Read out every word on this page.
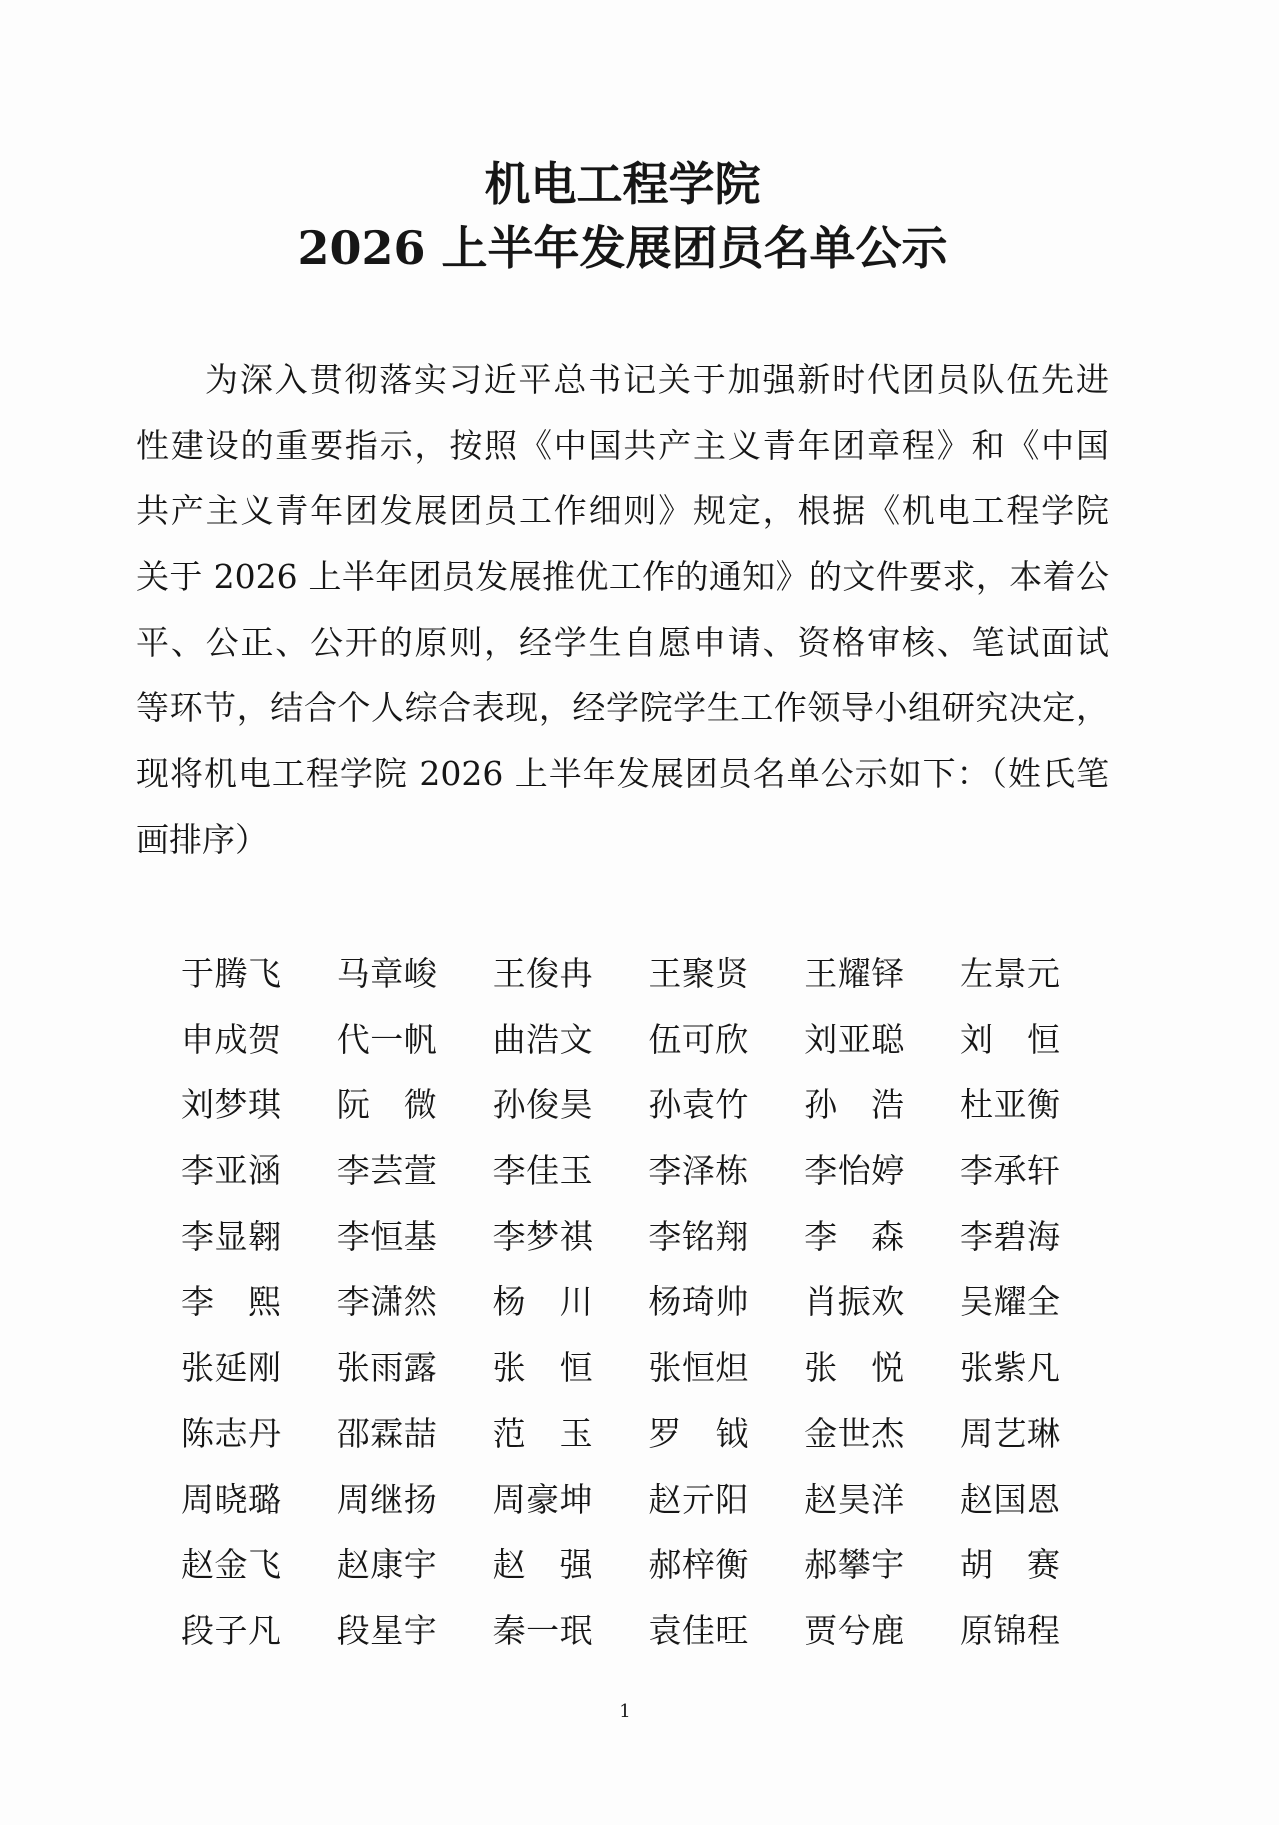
机电工程学院
2026 上半年发展团员名单公示
为深入贯彻落实习近平总书记关于加强新时代团员队伍先进
性建设的重要指示，按照《中国共产主义青年团章程》和《中国
共产主义青年团发展团员工作细则》规定，根据《机电工程学院
关于 2026 上半年团员发展推优工作的通知》的文件要求，本着公
平、公正、公开的原则，经学生自愿申请、资格审核、笔试面试
等环节，结合个人综合表现，经学院学生工作领导小组研究决定，
现将机电工程学院 2026 上半年发展团员名单公示如下：（姓氏笔
画排序）
于腾飞 马章峻 王俊冉 王聚贤 王耀铎 左景元
申成贺 代一帆 曲浩文 伍可欣 刘亚聪 刘 恒
刘梦琪 阮 微 孙俊昊 孙袁竹 孙 浩 杜亚衡
李亚涵 李芸萱 李佳玉 李泽栋 李怡婷 李承轩
李显翱 李恒基 李梦祺 李铭翔 李 森 李碧海
李 熙 李潇然 杨 川 杨琦帅 肖振欢 吴耀全
张延刚 张雨露 张 恒 张恒炟 张 悦 张紫凡
陈志丹 邵霖喆 范 玉 罗 钺 金世杰 周艺琳
周晓璐 周继扬 周豪坤 赵亓阳 赵昊洋 赵国恩
赵金飞 赵康宇 赵 强 郝梓衡 郝攀宇 胡 赛
段子凡 段星宇 秦一珉 袁佳旺 贾兮鹿 原锦程
1
